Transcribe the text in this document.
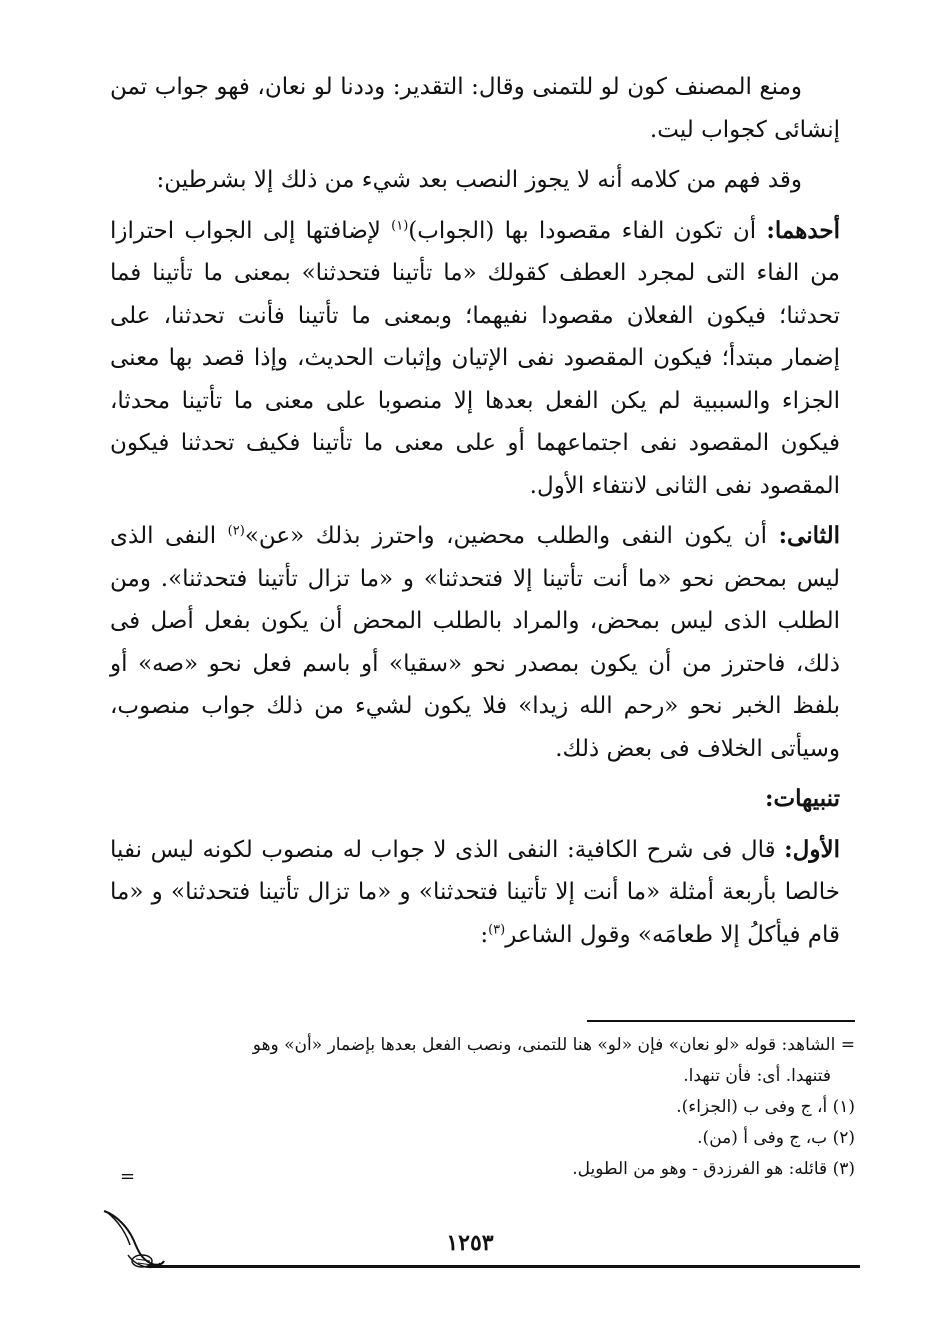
ومنع المصنف كون لو للتمنى وقال: التقدير: وددنا لو نعان، فهو جواب تمن إنشائى كجواب ليت.

وقد فهم من كلامه أنه لا يجوز النصب بعد شيء من ذلك إلا بشرطين:

أحدهما: أن تكون الفاء مقصودا بها (الجواب)$^{(١)}$ لإضافتها إلى الجواب احترازا من الفاء التى لمجرد العطف كقولك «ما تأتينا فتحدثنا» بمعنى ما تأتينا فما تحدثنا؛ فيكون الفعلان مقصودا نفيهما؛ وبمعنى ما تأتينا فأنت تحدثنا، على إضمار مبتدأ؛ فيكون المقصود نفى الإتيان وإثبات الحديث، وإذا قصد بها معنى الجزاء والسببية لم يكن الفعل بعدها إلا منصوبا على معنى ما تأتينا محدثا، فيكون المقصود نفى اجتماعهما أو على معنى ما تأتينا فكيف تحدثنا فيكون المقصود نفى الثانى لانتفاء الأول.

الثانى: أن يكون النفى والطلب محضين، واحترز بذلك «عن»$^{(٢)}$ النفى الذى ليس بمحض نحو «ما أنت تأتينا إلا فتحدثنا» و «ما تزال تأتينا فتحدثنا». ومن الطلب الذى ليس بمحض، والمراد بالطلب المحض أن يكون بفعل أصل فى ذلك، فاحترز من أن يكون بمصدر نحو «سقيا» أو باسم فعل نحو «صه» أو بلفظ الخبر نحو «رحم الله زيدا» فلا يكون لشيء من ذلك جواب منصوب، وسيأتى الخلاف فى بعض ذلك.

تنبيهات:

الأول: قال فى شرح الكافية: النفى الذى لا جواب له منصوب لكونه ليس نفيا خالصا بأربعة أمثلة «ما أنت إلا تأتينا فتحدثنا» و «ما تزال تأتينا فتحدثنا» و «ما قام فيأكلُ إلا طعامَه» وقول الشاعر$^{(٣)}$:

= الشاهد: قوله «لو نعان» فإن «لو» هنا للتمنى، ونصب الفعل بعدها بإضمار «أن» وهو

فتنهدا. أى: فأن تنهدا.

(١) أ، ج وفى ب (الجزاء).

(٢) ب، ج وفى أ (من).

(٣) قائله: هو الفرزدق - وهو من الطويل.

=
١٢٥٣
